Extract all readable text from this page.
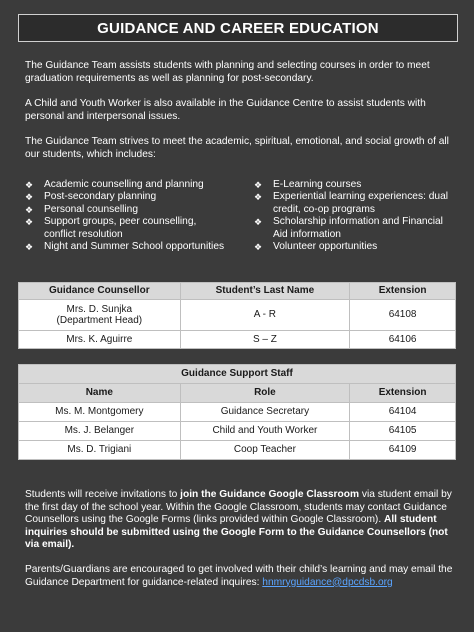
GUIDANCE AND CAREER EDUCATION
The Guidance Team assists students with planning and selecting courses in order to meet graduation requirements as well as planning for post-secondary.
A Child and Youth Worker is also available in the Guidance Centre to assist students with personal and interpersonal issues.
The Guidance Team strives to meet the academic, spiritual, emotional, and social growth of all our students, which includes:
❖ Academic counselling and planning
❖ Post-secondary planning
❖ Personal counselling
❖ Support groups, peer counselling, conflict resolution
❖ Night and Summer School opportunities
❖ E-Learning courses
❖ Experiential learning experiences: dual credit, co-op programs
❖ Scholarship information and Financial Aid information
❖ Volunteer opportunities
Guidance Counsellor	Student’s Last Name	Extension

Mrs. D. Sunjka
(Department Head)	A - R	64108
Mrs. K. Aguirre	S – Z	64106
Guidance Support Staff		
Name	Role	Extension
Ms. M. Montgomery	Guidance Secretary	64104
Ms. J. Belanger	Child and Youth Worker	64105
Ms. D. Trigiani	Coop Teacher	64109
Students will receive invitations to join the Guidance Google Classroom via student email by the first day of the school year. Within the Google Classroom, students may contact Guidance Counsellors using the Google Forms (links provided within Google Classroom). All student inquiries should be submitted using the Google Form to the Guidance Counsellors (not via email).
Parents/Guardians are encouraged to get involved with their child’s learning and may email the Guidance Department for guidance-related inquires: hnmryguidance@dpcdsb.org
